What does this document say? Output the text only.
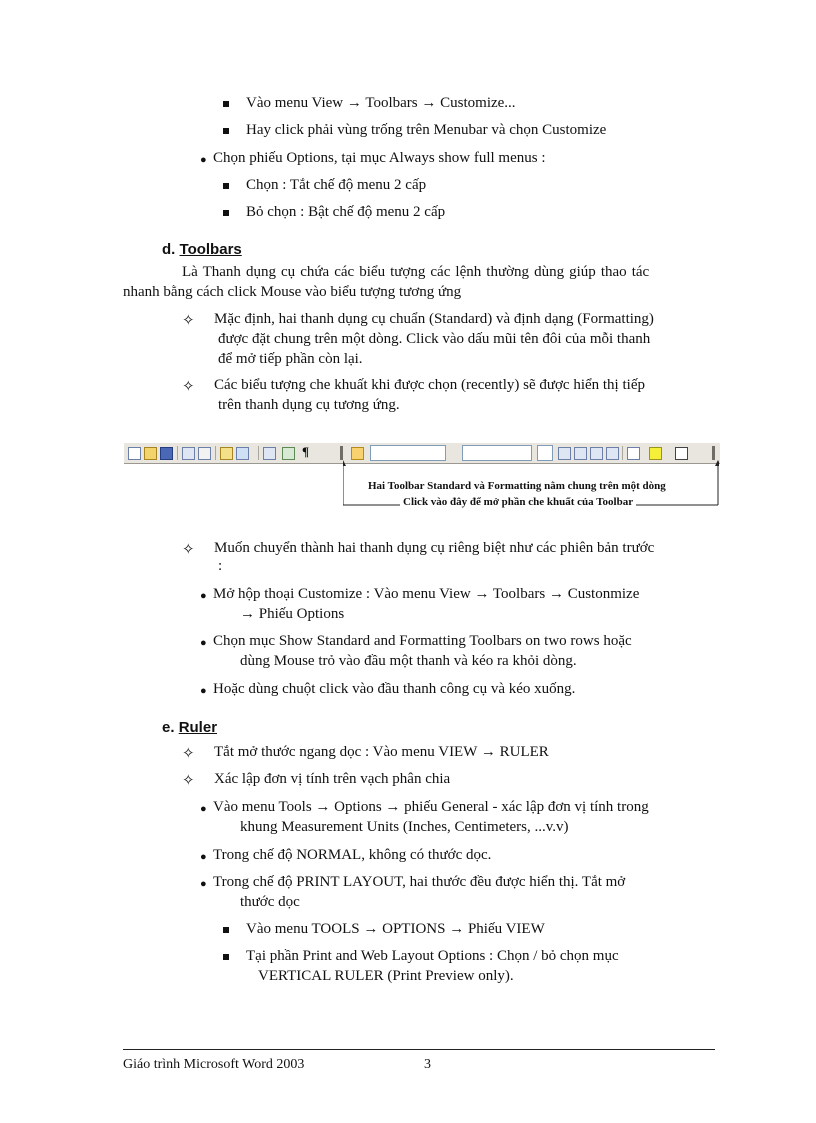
Vào menu View → Toolbars → Customize...
Hay click phải vùng trống trên Menubar và chọn Customize
● Chọn phiếu Options, tại mục Always show full menus :
Chọn : Tắt chế độ menu 2 cấp
Bỏ chọn : Bật chế độ menu 2 cấp
d. Toolbars
Là Thanh dụng cụ chứa các biểu tượng các lệnh thường dùng giúp thao tác
nhanh bằng cách click Mouse vào biểu tượng tương ứng
✧ Mặc định, hai thanh dụng cụ chuẩn (Standard) và định dạng (Formatting)
được đặt chung trên một dòng. Click vào dấu mũi tên đôi của mỗi thanh
để mở tiếp phần còn lại.
✧ Các biểu tượng che khuất khi được chọn (recently) sẽ được hiển thị tiếp
trên thanh dụng cụ tương ứng.
¶
Hai Toolbar Standard và Formatting nằm chung trên một dòng
Click vào đây để mở phần che khuất của Toolbar
✧ Muốn chuyển thành hai thanh dụng cụ riêng biệt như các phiên bản trước
:
● Mở hộp thoại Customize : Vào menu View → Toolbars → Custonmize
→ Phiếu Options
● Chọn mục Show Standard and Formatting Toolbars on two rows hoặc
dùng Mouse trỏ vào đầu một thanh và kéo ra khỏi dòng.
● Hoặc dùng chuột click vào đầu thanh công cụ và kéo xuống.
e. Ruler
✧ Tắt mở thước ngang dọc : Vào menu VIEW → RULER
✧ Xác lập đơn vị tính trên vạch phân chia
● Vào menu Tools → Options → phiếu General - xác lập đơn vị tính trong
khung Measurement Units (Inches, Centimeters, ...v.v)
● Trong chế độ NORMAL, không có thước dọc.
● Trong chế độ PRINT LAYOUT, hai thước đều được hiển thị. Tắt mở
thước dọc
Vào menu TOOLS → OPTIONS → Phiếu VIEW
Tại phần Print and Web Layout Options : Chọn / bỏ chọn mục
VERTICAL RULER (Print Preview only).
Giáo trình Microsoft Word 2003	3
